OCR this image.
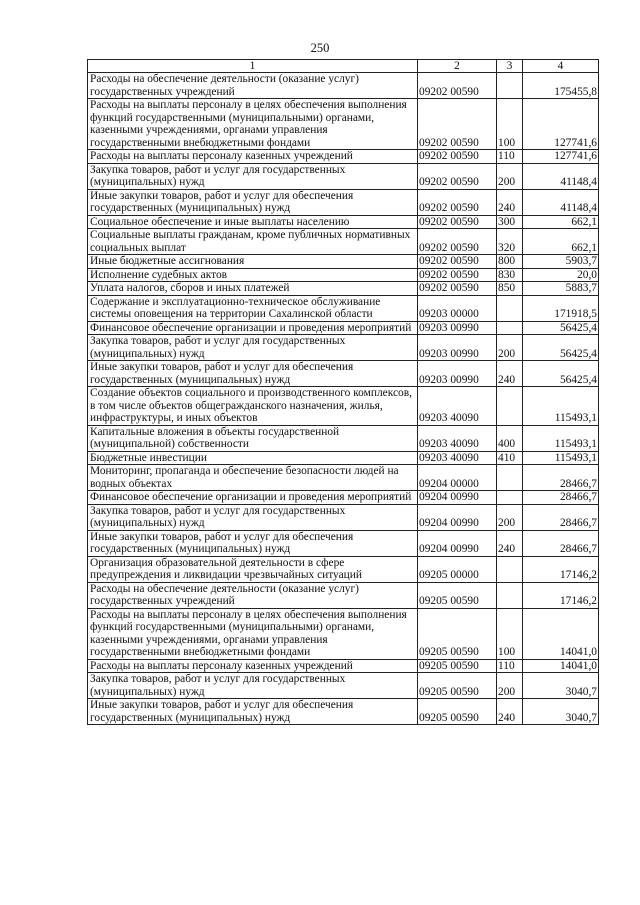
250
1	2	3	4
Расходы на обеспечение деятельности (оказание услуг) государственных учреждений	09202 00590		175455,8
Расходы на выплаты персоналу в целях обеспечения выполнения функций государственными (муниципальными) органами, казенными учреждениями, органами управления государственными внебюджетными фондами	09202 00590	100	127741,6
Расходы на выплаты персоналу казенных учреждений	09202 00590	110	127741,6
Закупка товаров, работ и услуг для государственных (муниципальных) нужд	09202 00590	200	41148,4
Иные закупки товаров, работ и услуг для обеспечения государственных (муниципальных) нужд	09202 00590	240	41148,4
Социальное обеспечение и иные выплаты населению	09202 00590	300	662,1
Социальные выплаты гражданам, кроме публичных нормативных социальных выплат	09202 00590	320	662,1
Иные бюджетные ассигнования	09202 00590	800	5903,7
Исполнение судебных актов	09202 00590	830	20,0
Уплата налогов, сборов и иных платежей	09202 00590	850	5883,7
Содержание и эксплуатационно-техническое обслуживание системы оповещения на территории Сахалинской области	09203 00000		171918,5
Финансовое обеспечение организации и проведения мероприятий	09203 00990		56425,4
Закупка товаров, работ и услуг для государственных (муниципальных) нужд	09203 00990	200	56425,4
Иные закупки товаров, работ и услуг для обеспечения государственных (муниципальных) нужд	09203 00990	240	56425,4
Создание объектов социального и производственного комплексов, в том числе объектов общегражданского назначения, жилья, инфраструктуры, и иных объектов	09203 40090		115493,1
Капитальные вложения в объекты государственной (муниципальной) собственности	09203 40090	400	115493,1
Бюджетные инвестиции	09203 40090	410	115493,1
Мониторинг, пропаганда и обеспечение безопасности людей на водных объектах	09204 00000		28466,7
Финансовое обеспечение организации и проведения мероприятий	09204 00990		28466,7
Закупка товаров, работ и услуг для государственных (муниципальных) нужд	09204 00990	200	28466,7
Иные закупки товаров, работ и услуг для обеспечения государственных (муниципальных) нужд	09204 00990	240	28466,7
Организация образовательной деятельности в сфере предупреждения и ликвидации чрезвычайных ситуаций	09205 00000		17146,2
Расходы на обеспечение деятельности (оказание услуг) государственных учреждений	09205 00590		17146,2
Расходы на выплаты персоналу в целях обеспечения выполнения функций государственными (муниципальными) органами, казенными учреждениями, органами управления государственными внебюджетными фондами	09205 00590	100	14041,0
Расходы на выплаты персоналу казенных учреждений	09205 00590	110	14041,0
Закупка товаров, работ и услуг для государственных (муниципальных) нужд	09205 00590	200	3040,7
Иные закупки товаров, работ и услуг для обеспечения государственных (муниципальных) нужд	09205 00590	240	3040,7
